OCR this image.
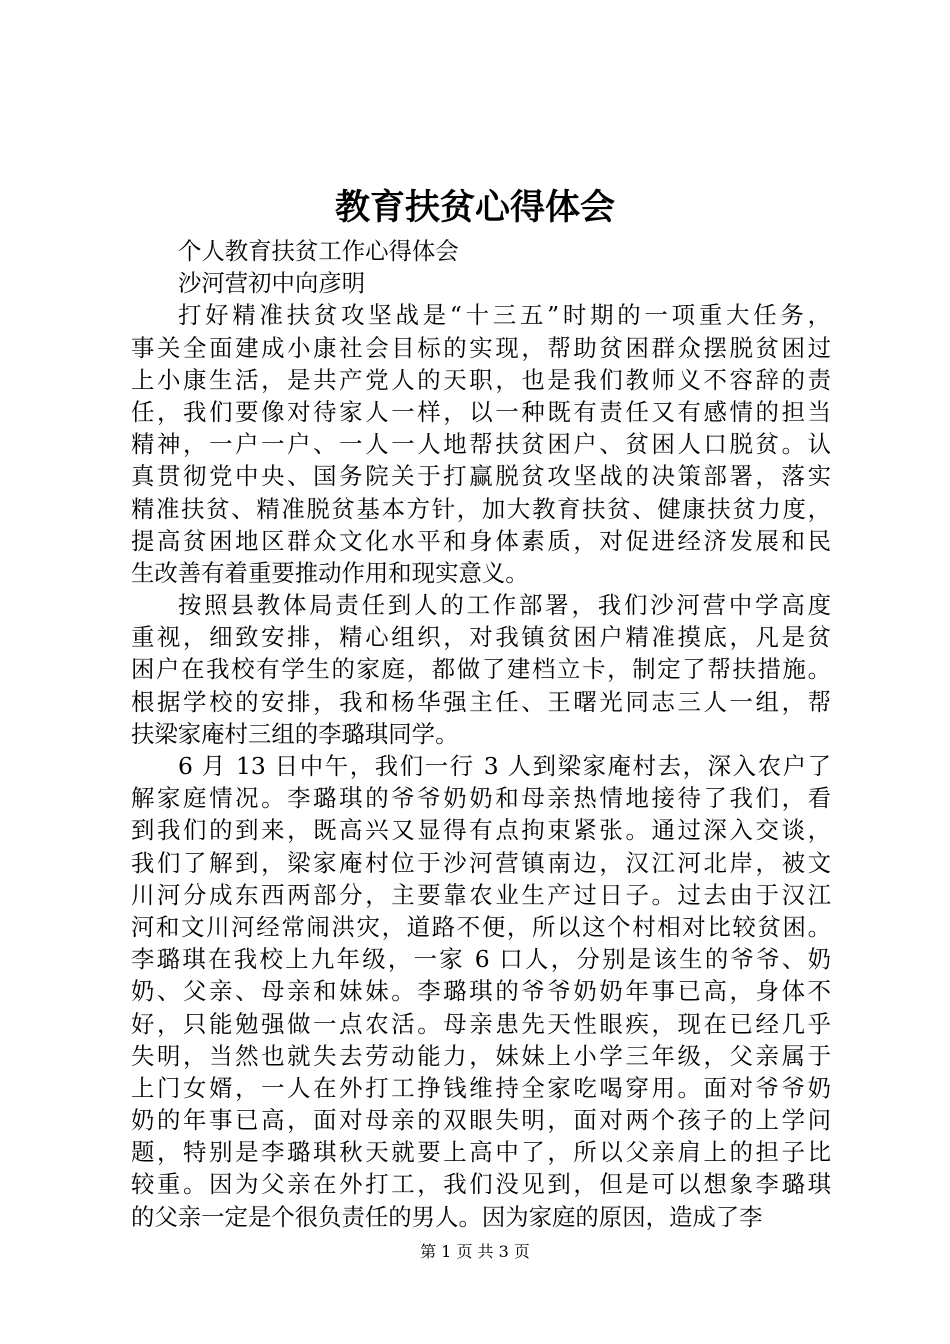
教育扶贫心得体会
个人教育扶贫工作心得体会
沙河营初中向彦明
打好精准扶贫攻坚战是“十三五”时期的一项重大任务，
事关全面建成小康社会目标的实现，帮助贫困群众摆脱贫困过
上小康生活，是共产党人的天职，也是我们教师义不容辞的责
任，我们要像对待家人一样，以一种既有责任又有感情的担当
精神，一户一户、一人一人地帮扶贫困户、贫困人口脱贫。认
真贯彻党中央、国务院关于打赢脱贫攻坚战的决策部署，落实
精准扶贫、精准脱贫基本方针，加大教育扶贫、健康扶贫力度，
提高贫困地区群众文化水平和身体素质，对促进经济发展和民
生改善有着重要推动作用和现实意义。
按照县教体局责任到人的工作部署，我们沙河营中学高度
重视，细致安排，精心组织，对我镇贫困户精准摸底，凡是贫
困户在我校有学生的家庭，都做了建档立卡，制定了帮扶措施。
根据学校的安排，我和杨华强主任、王曙光同志三人一组，帮
扶梁家庵村三组的李璐琪同学。
6 月 13 日中午，我们一行 3 人到梁家庵村去，深入农户了
解家庭情况。李璐琪的爷爷奶奶和母亲热情地接待了我们，看
到我们的到来，既高兴又显得有点拘束紧张。通过深入交谈，
我们了解到，梁家庵村位于沙河营镇南边，汉江河北岸，被文
川河分成东西两部分，主要靠农业生产过日子。过去由于汉江
河和文川河经常闹洪灾，道路不便，所以这个村相对比较贫困。
李璐琪在我校上九年级，一家 6 口人，分别是该生的爷爷、奶
奶、父亲、母亲和妹妹。李璐琪的爷爷奶奶年事已高，身体不
好，只能勉强做一点农活。母亲患先天性眼疾，现在已经几乎
失明，当然也就失去劳动能力，妹妹上小学三年级，父亲属于
上门女婿，一人在外打工挣钱维持全家吃喝穿用。面对爷爷奶
奶的年事已高，面对母亲的双眼失明，面对两个孩子的上学问
题，特别是李璐琪秋天就要上高中了，所以父亲肩上的担子比
较重。因为父亲在外打工，我们没见到，但是可以想象李璐琪
的父亲一定是个很负责任的男人。因为家庭的原因，造成了李
第 1 页 共 3 页
